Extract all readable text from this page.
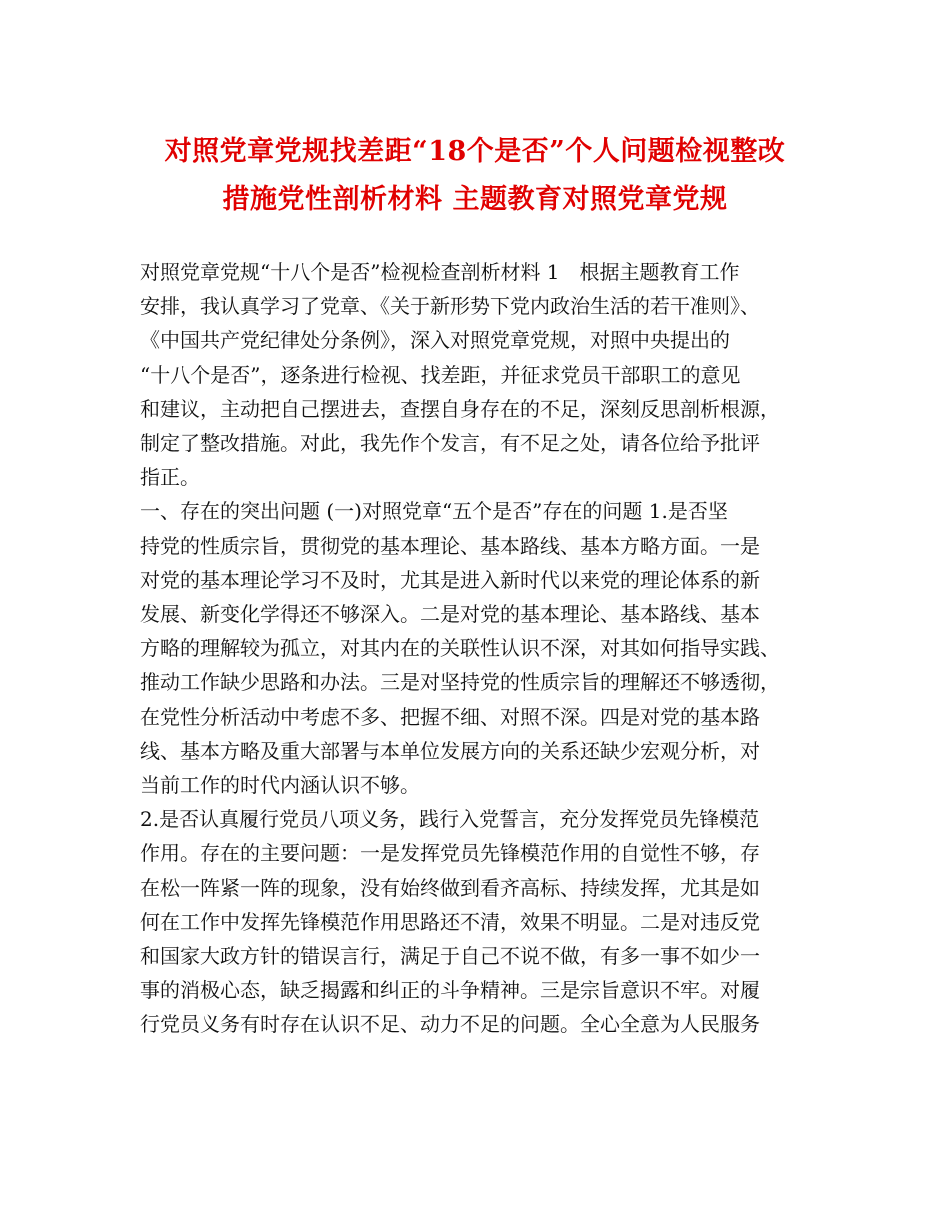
对照党章党规找差距“18个是否”个人问题检视整改
措施党性剖析材料 主题教育对照党章党规
对照党章党规“十八个是否”检视检查剖析材料 1　根据主题教育工作
安排，我认真学习了党章、《关于新形势下党内政治生活的若干准则》、
《中国共产党纪律处分条例》，深入对照党章党规，对照中央提出的
“十八个是否”，逐条进行检视、找差距，并征求党员干部职工的意见
和建议，主动把自己摆进去，查摆自身存在的不足，深刻反思剖析根源，
制定了整改措施。对此，我先作个发言，有不足之处，请各位给予批评
指正。
一、存在的突出问题 (一)对照党章“五个是否”存在的问题 1.是否坚
持党的性质宗旨，贯彻党的基本理论、基本路线、基本方略方面。一是
对党的基本理论学习不及时，尤其是进入新时代以来党的理论体系的新
发展、新变化学得还不够深入。二是对党的基本理论、基本路线、基本
方略的理解较为孤立，对其内在的关联性认识不深，对其如何指导实践、
推动工作缺少思路和办法。三是对坚持党的性质宗旨的理解还不够透彻，
在党性分析活动中考虑不多、把握不细、对照不深。四是对党的基本路
线、基本方略及重大部署与本单位发展方向的关系还缺少宏观分析，对
当前工作的时代内涵认识不够。
2.是否认真履行党员八项义务，践行入党誓言，充分发挥党员先锋模范
作用。存在的主要问题：一是发挥党员先锋模范作用的自觉性不够，存
在松一阵紧一阵的现象，没有始终做到看齐高标、持续发挥，尤其是如
何在工作中发挥先锋模范作用思路还不清，效果不明显。二是对违反党
和国家大政方针的错误言行，满足于自己不说不做，有多一事不如少一
事的消极心态，缺乏揭露和纠正的斗争精神。三是宗旨意识不牢。对履
行党员义务有时存在认识不足、动力不足的问题。全心全意为人民服务
